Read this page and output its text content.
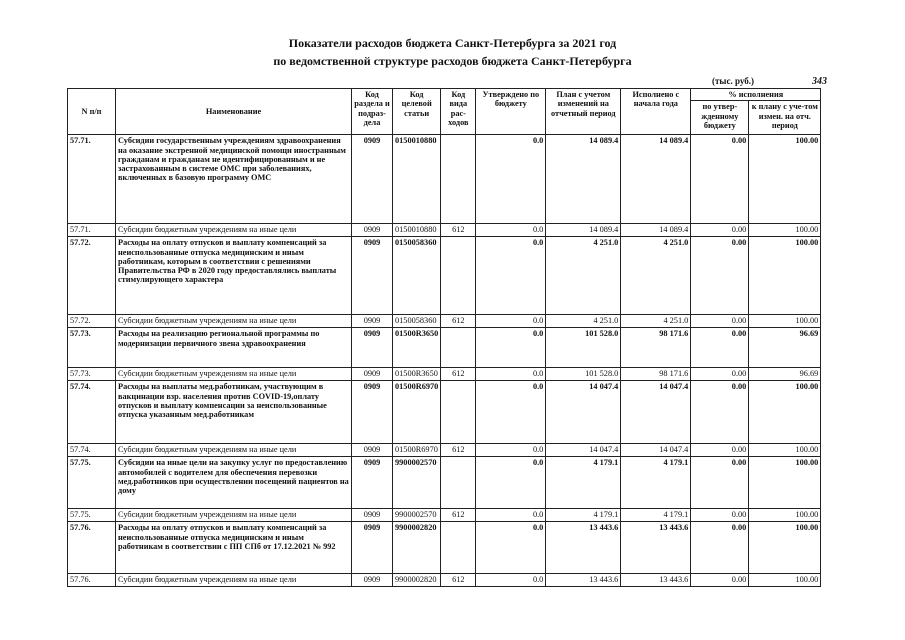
Показатели расходов бюджета Санкт-Петербурга за 2021 год
по ведомственной структуре расходов бюджета Санкт-Петербурга
(тыс. руб.)	343
N п/п	Наименование	Код раздела и подраз-дела	Код целевой статьи	Код вида рас-ходов	Утверждено по бюджету	План с учетом изменений на отчетный период	Исполнено с начала года	% исполнения	
								по утвер-жденному бюджету	к плану с уче-том измен. на отч. период
57.71.	Субсидии государственным учреждениям здравоохранения на оказание экстренной медицинской помощи иностранным гражданам и гражданам не идентифицированным и не застрахованным в системе ОМС при заболеваниях, включенных в базовую программу ОМС	0909	0150010880		0.0	14 089.4	14 089.4	0.00	100.00
57.71.	Субсидии бюджетным учреждениям на иные цели	0909	0150010880	612	0.0	14 089.4	14 089.4	0.00	100.00
57.72.	Расходы на оплату отпусков и выплату компенсаций за неиспользованные отпуска медицинским и иным работникам, которым в соответствии с решениями Правительства РФ в 2020 году предоставлялись выплаты стимулирующего характера	0909	0150058360		0.0	4 251.0	4 251.0	0.00	100.00
57.72.	Субсидии бюджетным учреждениям на иные цели	0909	0150058360	612	0.0	4 251.0	4 251.0	0.00	100.00
57.73.	Расходы на реализацию региональной программы по модернизации первичного звена здравоохранения	0909	01500R3650		0.0	101 528.0	98 171.6	0.00	96.69
57.73.	Субсидии бюджетным учреждениям на иные цели	0909	01500R3650	612	0.0	101 528.0	98 171.6	0.00	96.69
57.74.	Расходы на выплаты мед.работникам, участвующим в вакцинации взр. населения против COVID-19,оплату отпусков и выплату компенсации за неиспользованные отпуска указанным мед.работникам	0909	01500R6970		0.0	14 047.4	14 047.4	0.00	100.00
57.74.	Субсидии бюджетным учреждениям на иные цели	0909	01500R6970	612	0.0	14 047.4	14 047.4	0.00	100.00
57.75.	Субсидии на иные цели на закупку услуг по предоставлению автомобилей с водителем для обеспечения перевозки мед.работников при осуществлении посещений пациентов на дому	0909	9900002570		0.0	4 179.1	4 179.1	0.00	100.00
57.75.	Субсидии бюджетным учреждениям на иные цели	0909	9900002570	612	0.0	4 179.1	4 179.1	0.00	100.00
57.76.	Расходы на оплату отпусков и выплату компенсаций за неиспользованные отпуска медицинским и иным работникам в соответствии с ПП СПб от 17.12.2021 № 992	0909	9900002820		0.0	13 443.6	13 443.6	0.00	100.00
57.76.	Субсидии бюджетным учреждениям на иные цели	0909	9900002820	612	0.0	13 443.6	13 443.6	0.00	100.00
